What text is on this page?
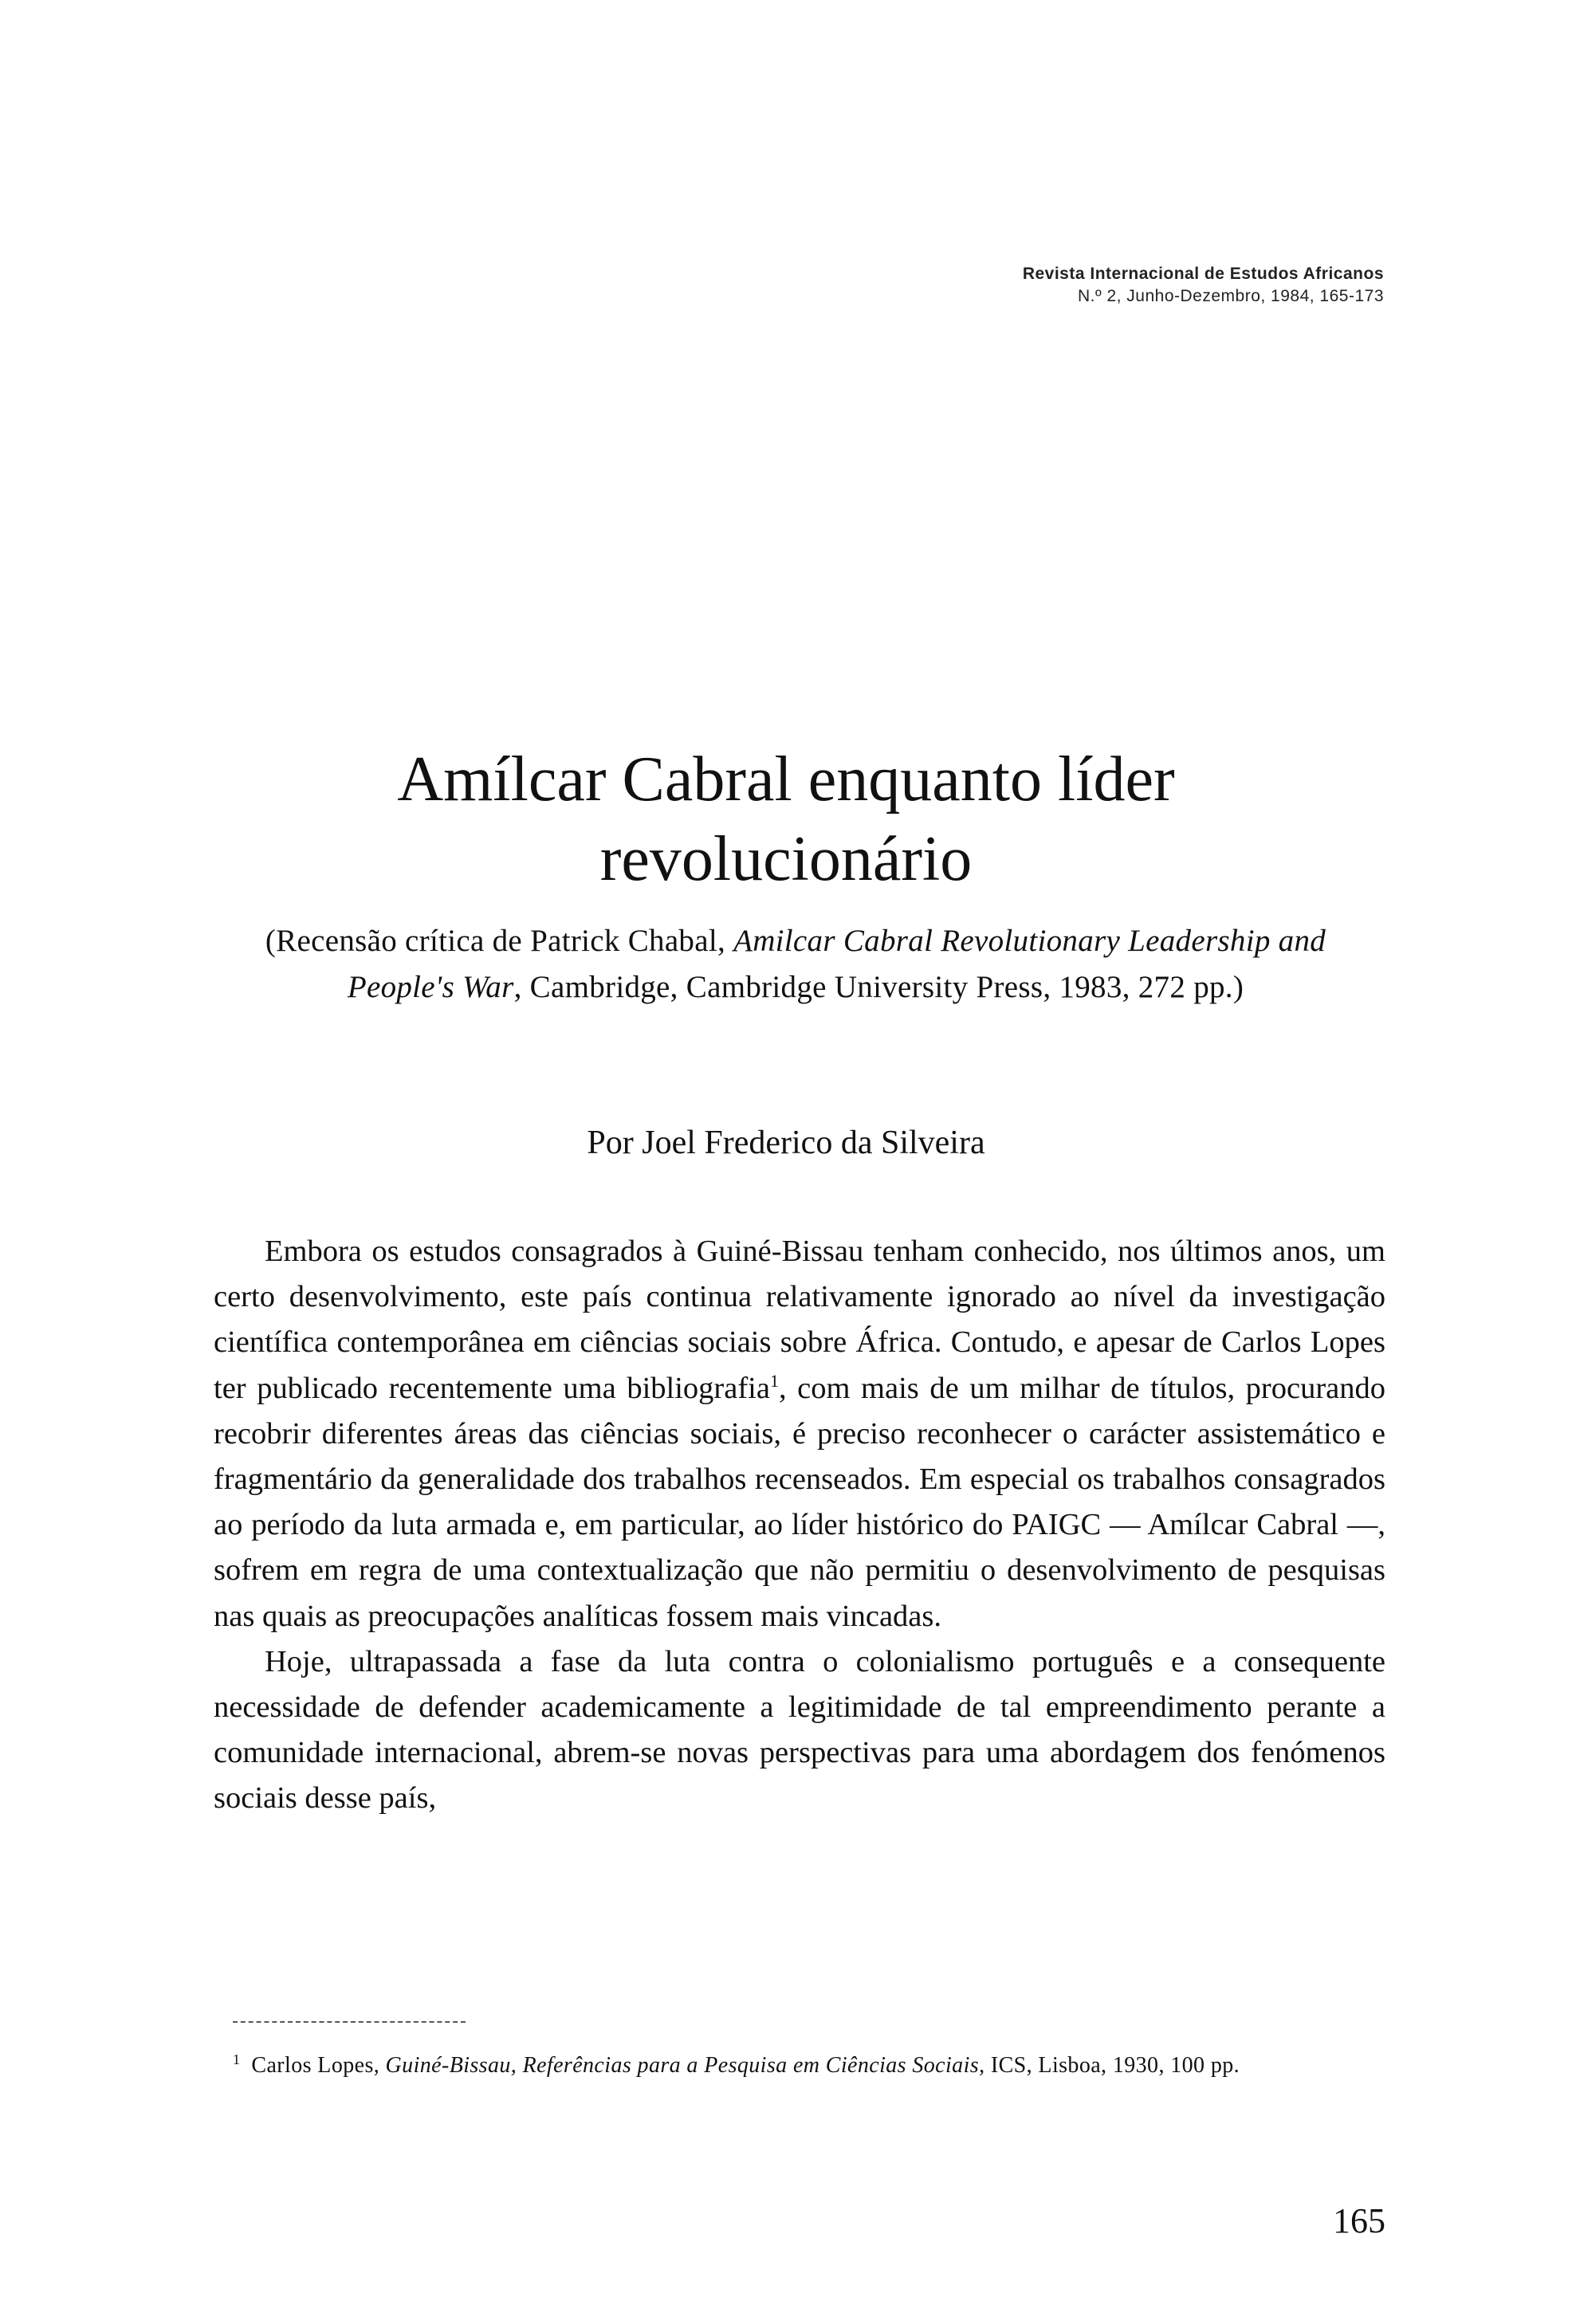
Revista Internacional de Estudos Africanos
N.º 2, Junho-Dezembro, 1984, 165-173
Amílcar Cabral enquanto líder
revolucionário
(Recensão crítica de Patrick Chabal, Amilcar Cabral Revolutionary Leadership and People's War, Cambridge, Cambridge University Press, 1983, 272 pp.)
Por Joel Frederico da Silveira

Embora os estudos consagrados à Guiné-Bissau tenham conhecido, nos últimos anos, um certo desenvolvimento, este país continua relativamente ignorado ao nível da investigação científica contemporânea em ciências sociais sobre África. Contudo, e apesar de Carlos Lopes ter publicado recentemente uma bibliografia$^1$, com mais de um milhar de títulos, procurando recobrir diferentes áreas das ciências sociais, é preciso reconhecer o carácter assistemático e fragmentário da generalidade dos trabalhos recenseados. Em especial os trabalhos consagrados ao período da luta armada e, em particular, ao líder histórico do PAIGC — Amílcar Cabral —, sofrem em regra de uma contextualização que não permitiu o desenvolvimento de pesquisas nas quais as preocupações analíticas fossem mais vincadas.

Hoje, ultrapassada a fase da luta contra o colonialismo português e a consequente necessidade de defender academicamente a legitimidade de tal empreendimento perante a comunidade internacional, abrem-se novas perspectivas para uma abordagem dos fenómenos sociais desse país,

$^1$ Carlos Lopes, Guiné-Bissau, Referências para a Pesquisa em Ciências Sociais, ICS, Lisboa, 1930, 100 pp.
165
